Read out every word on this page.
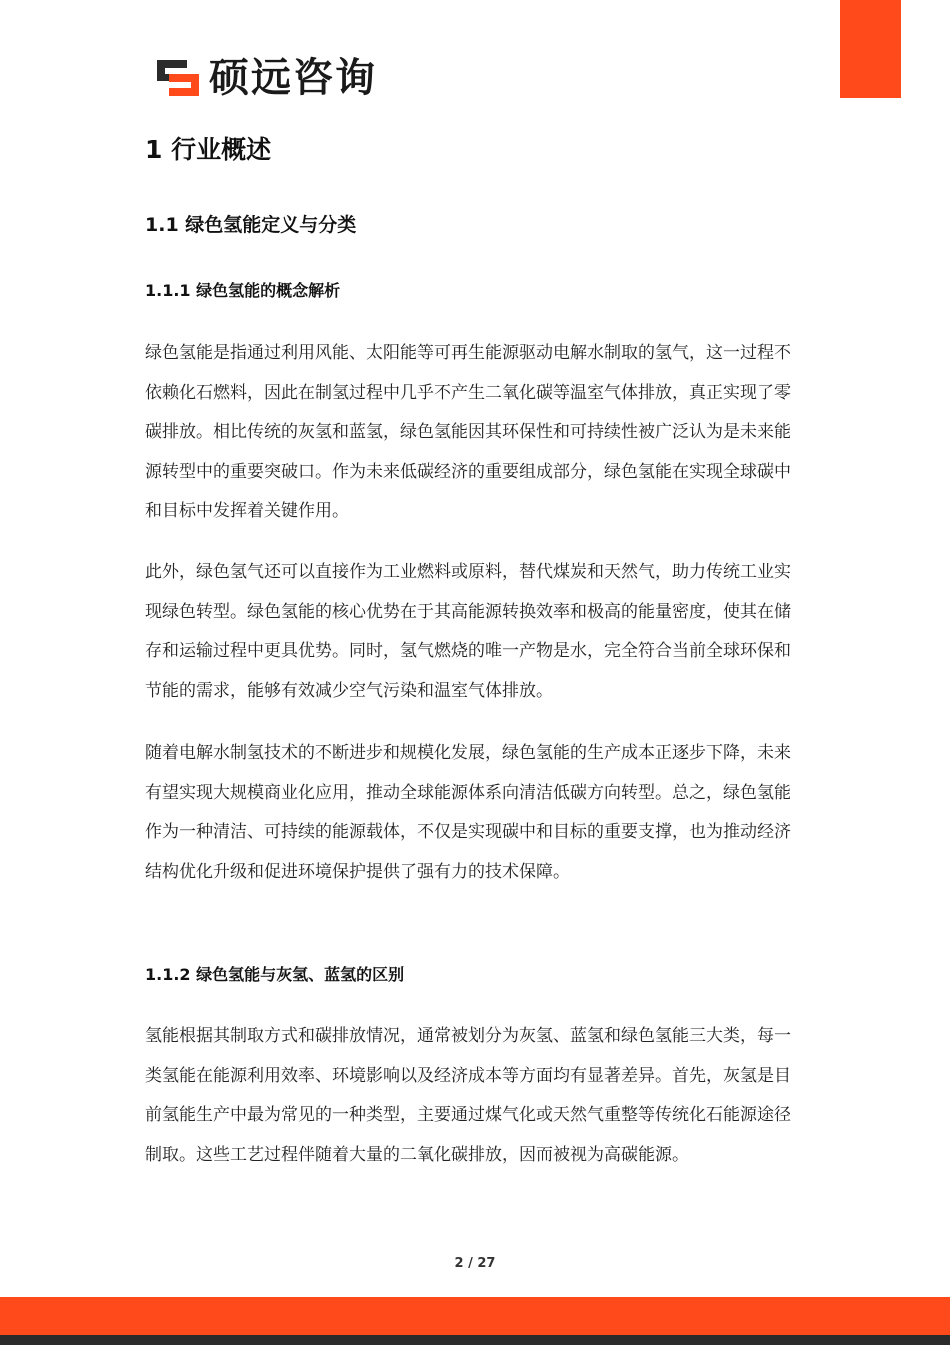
硕远咨询
1 行业概述
1.1 绿色氢能定义与分类
1.1.1 绿色氢能的概念解析

绿色氢能是指通过利用风能、太阳能等可再生能源驱动电解水制取的氢气，这一过程不依赖化石燃料，因此在制氢过程中几乎不产生二氧化碳等温室气体排放，真正实现了零碳排放。相比传统的灰氢和蓝氢，绿色氢能因其环保性和可持续性被广泛认为是未来能源转型中的重要突破口。作为未来低碳经济的重要组成部分，绿色氢能在实现全球碳中和目标中发挥着关键作用。

此外，绿色氢气还可以直接作为工业燃料或原料，替代煤炭和天然气，助力传统工业实现绿色转型。绿色氢能的核心优势在于其高能源转换效率和极高的能量密度，使其在储存和运输过程中更具优势。同时，氢气燃烧的唯一产物是水，完全符合当前全球环保和节能的需求，能够有效减少空气污染和温室气体排放。

随着电解水制氢技术的不断进步和规模化发展，绿色氢能的生产成本正逐步下降，未来有望实现大规模商业化应用，推动全球能源体系向清洁低碳方向转型。总之，绿色氢能作为一种清洁、可持续的能源载体，不仅是实现碳中和目标的重要支撑，也为推动经济结构优化升级和促进环境保护提供了强有力的技术保障。

1.1.2 绿色氢能与灰氢、蓝氢的区别

氢能根据其制取方式和碳排放情况，通常被划分为灰氢、蓝氢和绿色氢能三大类，每一类氢能在能源利用效率、环境影响以及经济成本等方面均有显著差异。首先，灰氢是目前氢能生产中最为常见的一种类型，主要通过煤气化或天然气重整等传统化石能源途径制取。这些工艺过程伴随着大量的二氧化碳排放，因而被视为高碳能源。

2 / 27
